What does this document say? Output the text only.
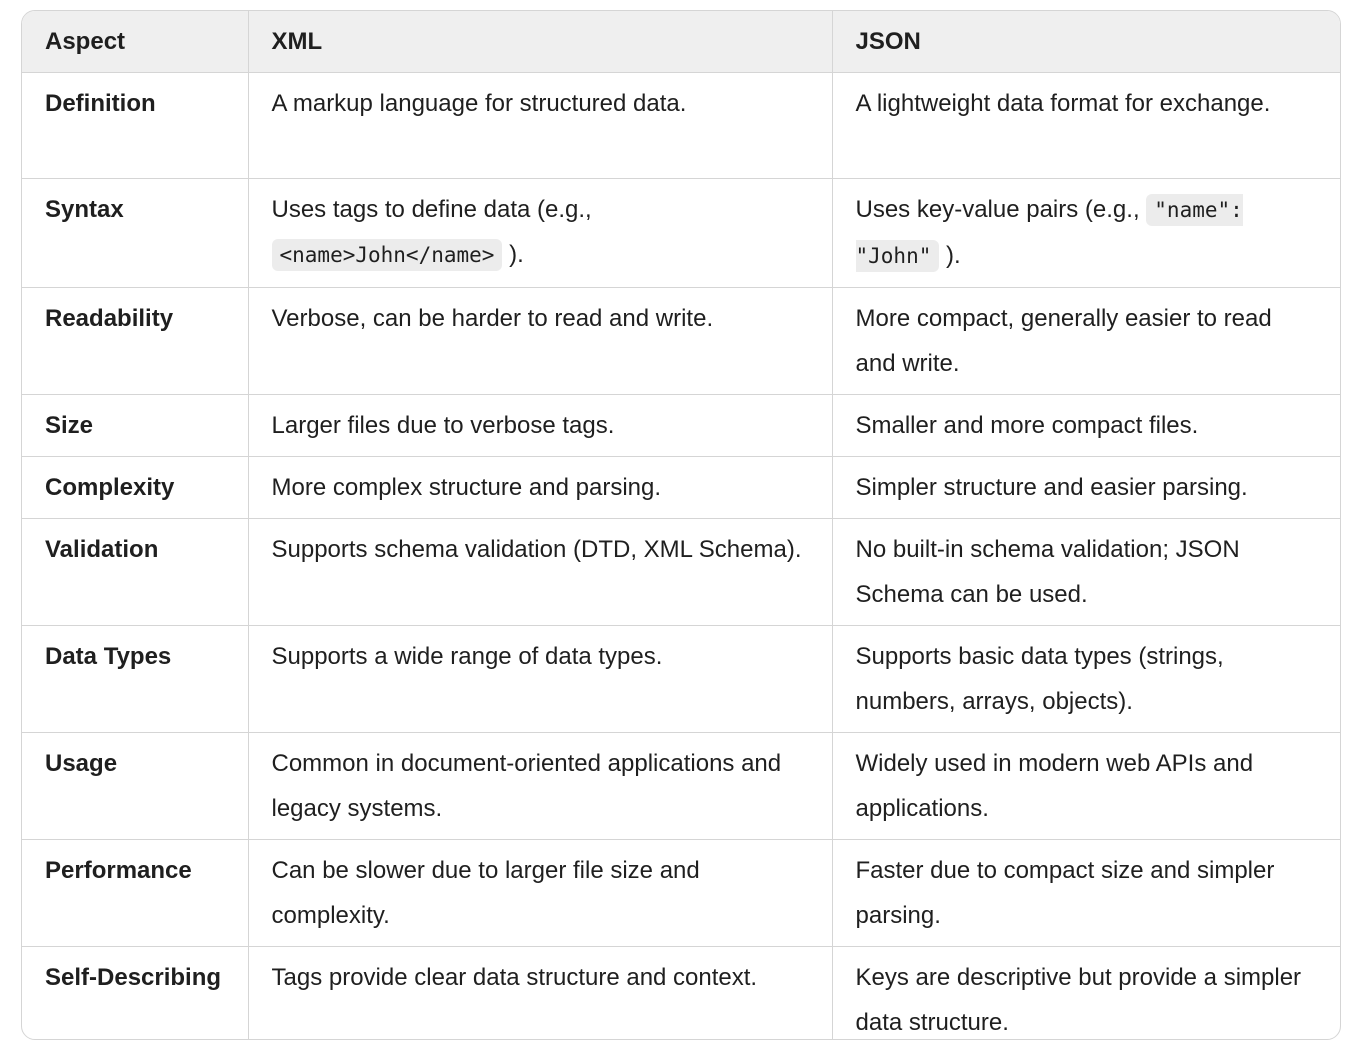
Aspect	XML	JSON
Definition	A markup language for structured data.	A lightweight data format for exchange.
Syntax	Uses tags to define data (e.g., <name>John</name> ).	Uses key-value pairs (e.g., "name": "John" ).
Readability	Verbose, can be harder to read and write.	More compact, generally easier to read and write.
Size	Larger files due to verbose tags.	Smaller and more compact files.
Complexity	More complex structure and parsing.	Simpler structure and easier parsing.
Validation	Supports schema validation (DTD, XML Schema).	No built-in schema validation; JSON Schema can be used.
Data Types	Supports a wide range of data types.	Supports basic data types (strings, numbers, arrays, objects).
Usage	Common in document-oriented applications and legacy systems.	Widely used in modern web APIs and applications.
Performance	Can be slower due to larger file size and complexity.	Faster due to compact size and simpler parsing.
Self-Describing	Tags provide clear data structure and context.	Keys are descriptive but provide a simpler data structure.
